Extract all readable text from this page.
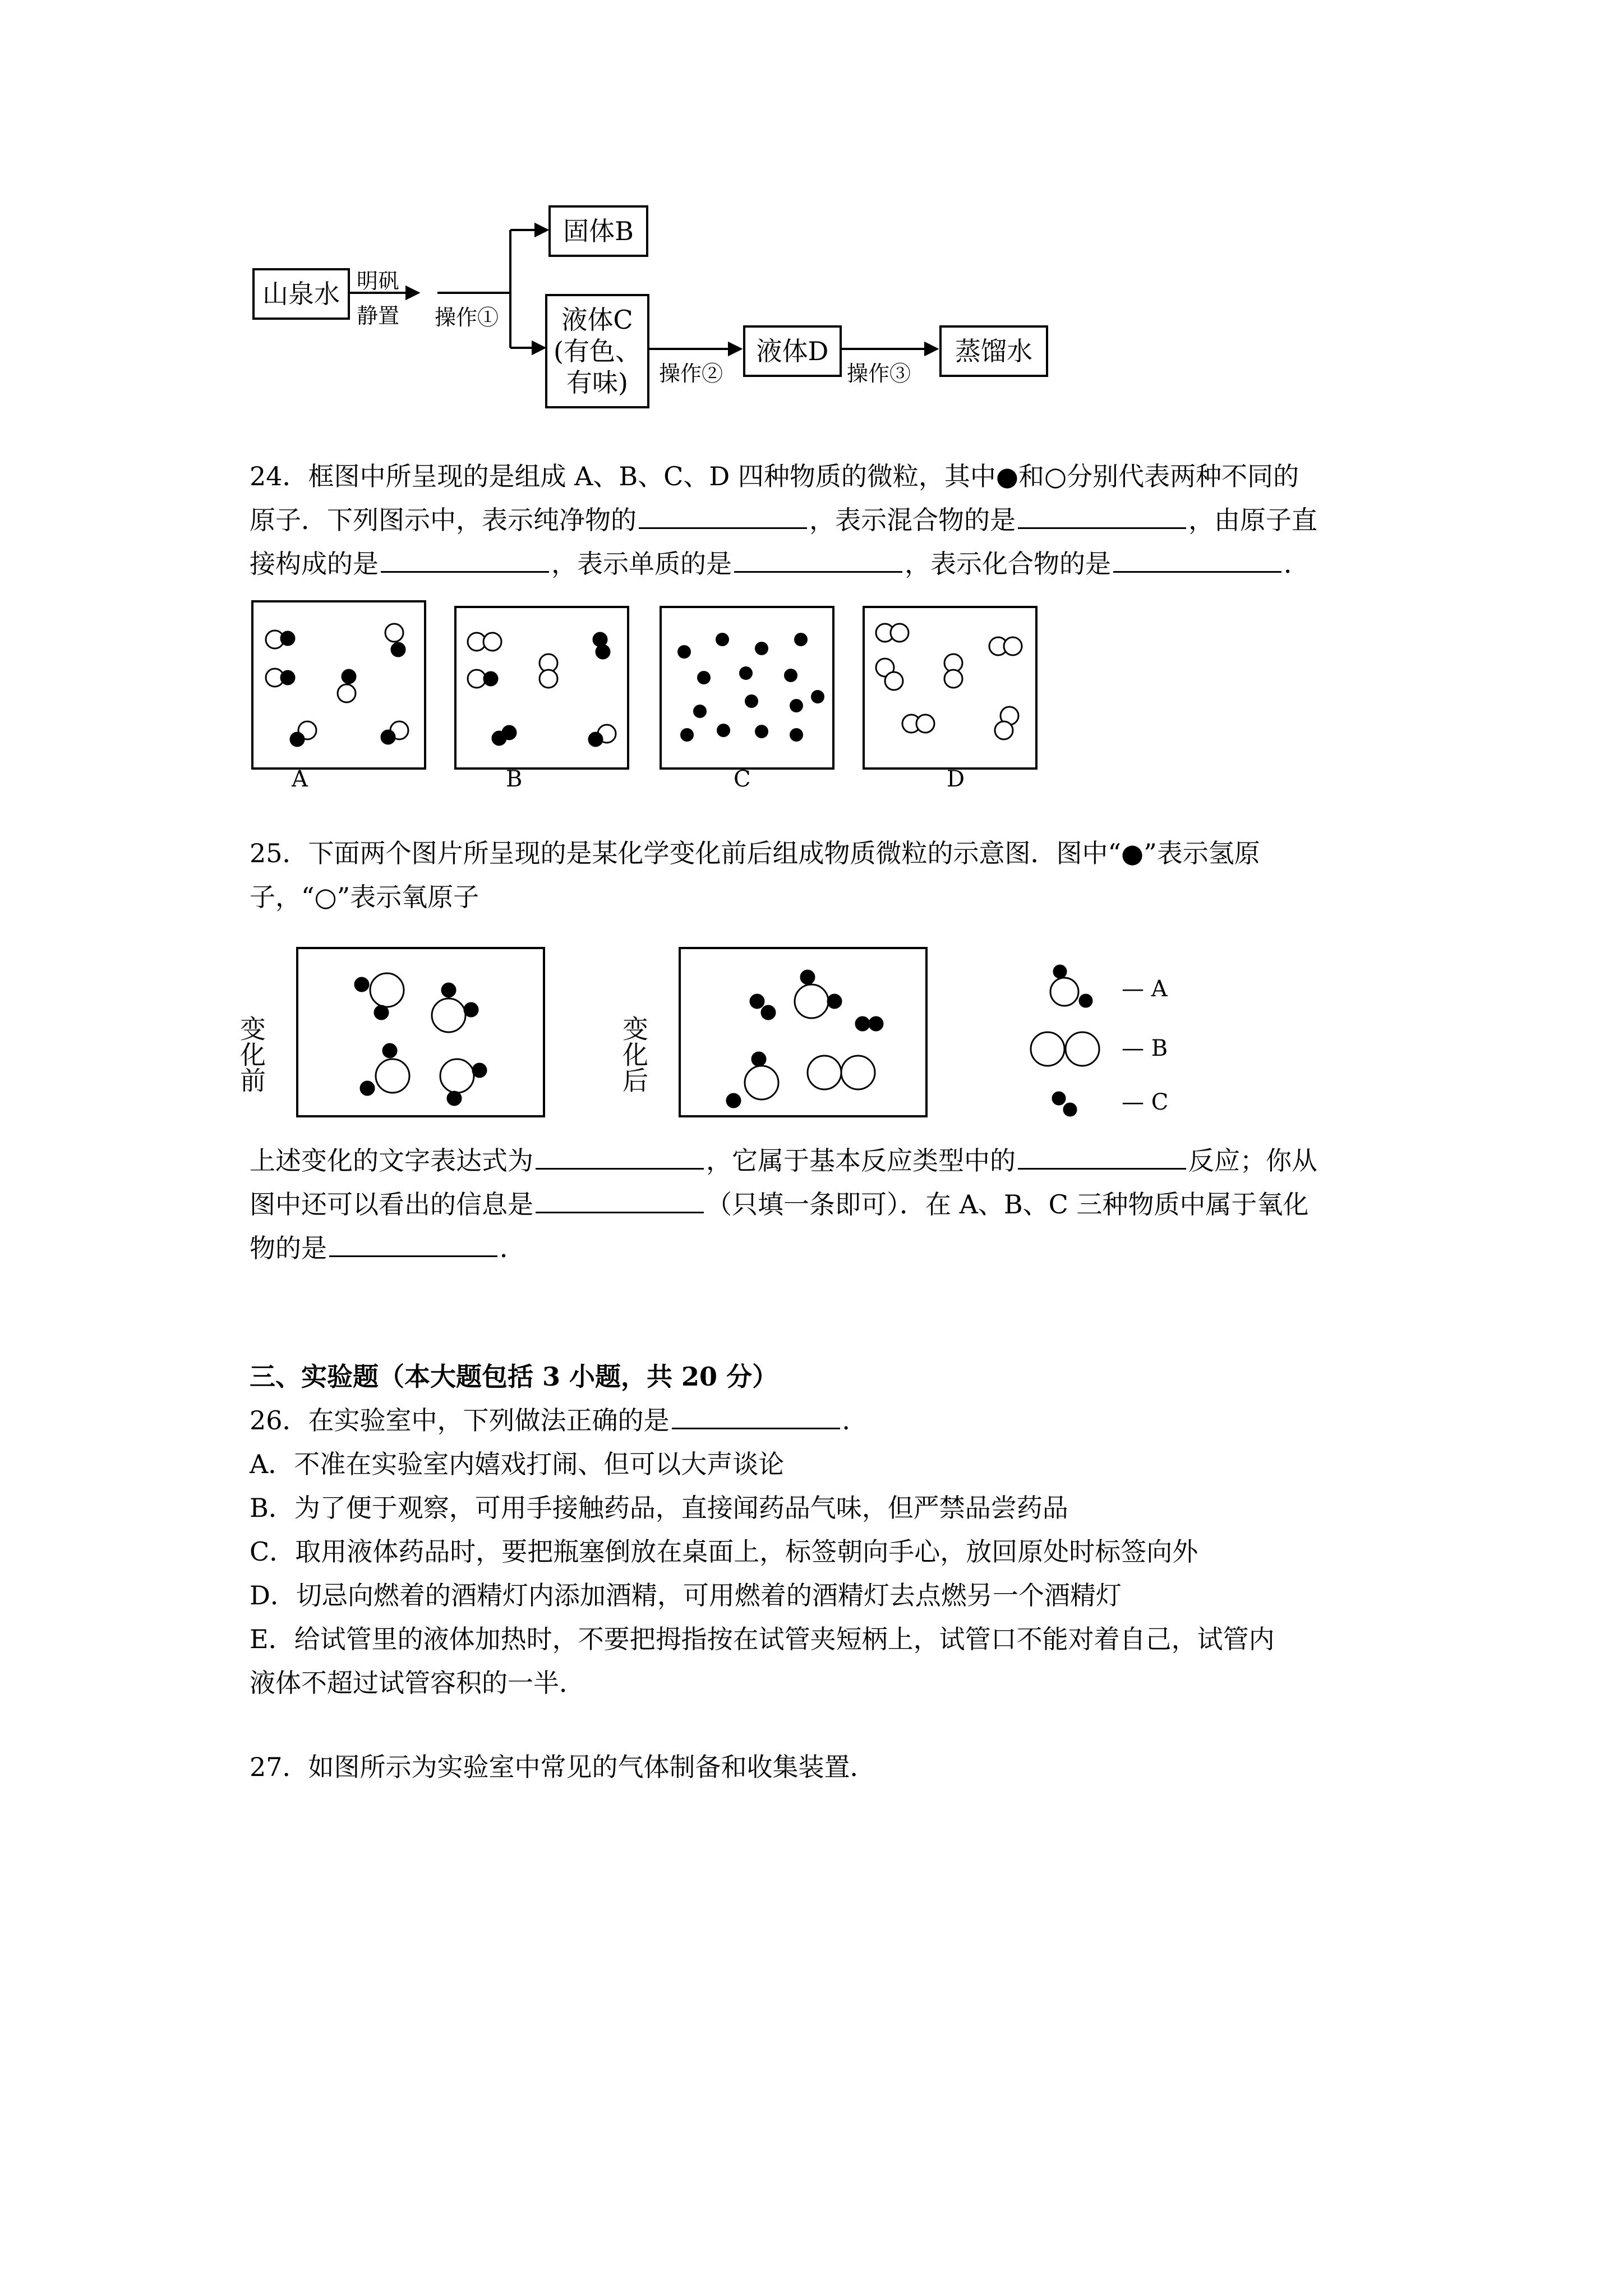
山泉水 明矾
静置 操作①
固体B
液体C
(有色、
有味) 操作②
液体D
操作③
蒸馏水
24．框图中所呈现的是组成 A、B、C、D 四种物质的微粒，其中●和○分别代表两种不同的
原子．下列图示中，表示纯净物的	，表示混合物的是	，由原子直
接构成的是	，表示单质的是	，表示化合物的是	．
A	B	C	D
25．下面两个图片所呈现的是某化学变化前后组成物质微粒的示意图．图中“●”表示氢原
子，“○”表示氧原子
变化前	变化后
— A
— B
— C
上述变化的文字表达式为	，它属于基本反应类型中的	反应；你从
图中还可以看出的信息是	（只填一条即可）．在 A、B、C 三种物质中属于氧化
物的是	．
三、实验题（本大题包括 3 小题，共 20 分）
26．在实验室中，下列做法正确的是	．
A．不准在实验室内嬉戏打闹、但可以大声谈论
B．为了便于观察，可用手接触药品，直接闻药品气味，但严禁品尝药品
C．取用液体药品时，要把瓶塞倒放在桌面上，标签朝向手心，放回原处时标签向外
D．切忌向燃着的酒精灯内添加酒精，可用燃着的酒精灯去点燃另一个酒精灯
E．给试管里的液体加热时，不要把拇指按在试管夹短柄上，试管口不能对着自己，试管内
液体不超过试管容积的一半．
27．如图所示为实验室中常见的气体制备和收集装置．
